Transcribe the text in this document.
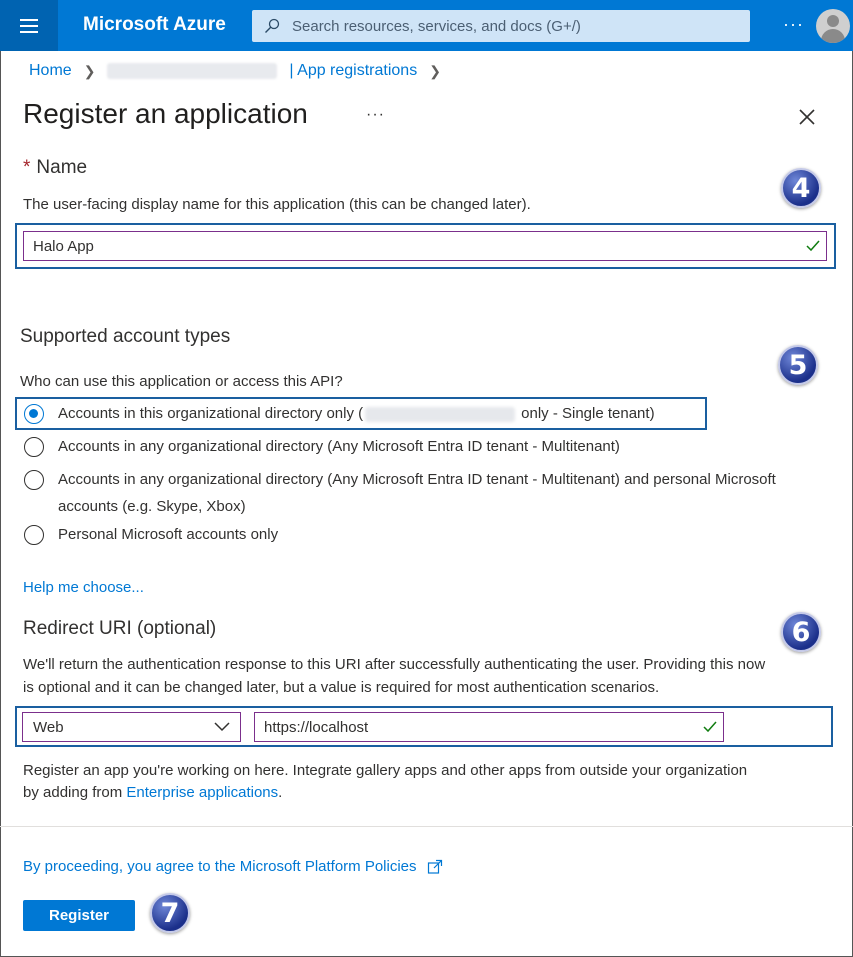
Microsoft Azure	Search resources, services, and docs (G+/)	···
Home ❯	| App registrations ❯
Register an application	···
* Name
4
The user-facing display name for this application (this can be changed later).
Halo App
Supported account types
5
Who can use this application or access this API?
Accounts in this organizational directory only (	only - Single tenant)
Accounts in any organizational directory (Any Microsoft Entra ID tenant - Multitenant)
Accounts in any organizational directory (Any Microsoft Entra ID tenant - Multitenant) and personal Microsoft
accounts (e.g. Skype, Xbox)
Personal Microsoft accounts only
Help me choose...
Redirect URI (optional)	6
We'll return the authentication response to this URI after successfully authenticating the user. Providing this now
is optional and it can be changed later, but a value is required for most authentication scenarios.
Web	https://localhost
Register an app you're working on here. Integrate gallery apps and other apps from outside your organization
by adding from Enterprise applications.
By proceeding, you agree to the Microsoft Platform Policies
Register	7
